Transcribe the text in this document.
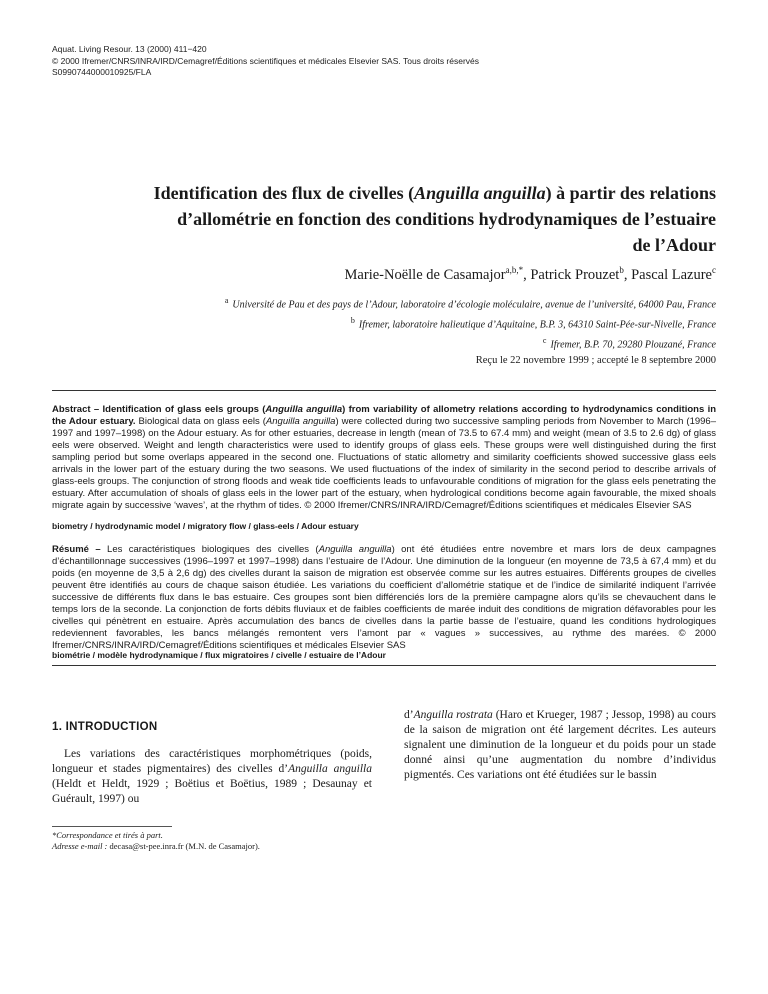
Aquat. Living Resour. 13 (2000) 411−420
© 2000 Ifremer/CNRS/INRA/IRD/Cemagref/Éditions scientifiques et médicales Elsevier SAS. Tous droits réservés
S0990744000010925/FLA
Identification des flux de civelles (Anguilla anguilla) à partir des relations
d’allométrie en fonction des conditions hydrodynamiques de l’estuaire
de l’Adour
Marie-Noëlle de Casamajor$^{a,b,*}$, Patrick Prouzet$^b$, Pascal Lazure$^c$
$^a$ Université de Pau et des pays de l’Adour, laboratoire d’écologie moléculaire, avenue de l’université, 64000 Pau, France
$^b$ Ifremer, laboratoire halieutique d’Aquitaine, B.P. 3, 64310 Saint-Pée-sur-Nivelle, France
$^c$ Ifremer, B.P. 70, 29280 Plouzané, France
Reçu le 22 novembre 1999 ; accepté le 8 septembre 2000
Abstract – Identification of glass eels groups (Anguilla anguilla) from variability of allometry relations according to hydrodynamics conditions in the Adour estuary. Biological data on glass eels (Anguilla anguilla) were collected during two successive sampling periods from November to March (1996–1997 and 1997–1998) on the Adour estuary. As for other estuaries, decrease in length (mean of 73.5 to 67.4 mm) and weight (mean of 3.5 to 2.6 dg) of glass eels were observed. Weight and length characteristics were used to identify groups of glass eels. These groups were well distinguished during the first sampling period but some overlaps appeared in the second one. Fluctuations of static allometry and similarity coefficients showed successive glass eels arrivals in the lower part of the estuary during the two seasons. We used fluctuations of the index of similarity in the second period to describe arrivals of glass-eels groups. The conjunction of strong floods and weak tide coefficients leads to unfavourable conditions of migration for the glass eels penetrating the estuary. After accumulation of shoals of glass eels in the lower part of the estuary, when hydrological conditions become again favourable, the mixed shoals migrate again by successive ‘waves’, at the rhythm of tides. © 2000 Ifremer/CNRS/INRA/IRD/Cemagref/Éditions scientifiques et médicales Elsevier SAS
biometry / hydrodynamic model / migratory flow / glass-eels / Adour estuary
Résumé – Les caractéristiques biologiques des civelles (Anguilla anguilla) ont été étudiées entre novembre et mars lors de deux campagnes d’échantillonnage successives (1996–1997 et 1997–1998) dans l’estuaire de l’Adour. Une diminution de la longueur (en moyenne de 73,5 à 67,4 mm) et du poids (en moyenne de 3,5 à 2,6 dg) des civelles durant la saison de migration est observée comme sur les autres estuaires. Différents groupes de civelles peuvent être identifiés au cours de chaque saison étudiée. Les variations du coefficient d’allométrie statique et de l’indice de similarité indiquent l’arrivée successive de différents flux dans le bas estuaire. Ces groupes sont bien différenciés lors de la première campagne alors qu’ils se chevauchent dans le temps lors de la seconde. La conjonction de forts débits fluviaux et de faibles coefficients de marée induit des conditions de migration défavorables pour les civelles qui pénètrent en estuaire. Après accumulation des bancs de civelles dans la partie basse de l’estuaire, quand les conditions hydrologiques redeviennent favorables, les bancs mélangés remontent vers l’amont par « vagues » successives, au rythme des marées. © 2000 Ifremer/CNRS/INRA/IRD/Cemagref/Éditions scientifiques et médicales Elsevier SAS
biométrie / modèle hydrodynamique / flux migratoires / civelle / estuaire de l’Adour
1. INTRODUCTION
Les variations des caractéristiques morphométriques (poids, longueur et stades pigmentaires) des civelles d’Anguilla anguilla (Heldt et Heldt, 1929 ; Boëtius et Boëtius, 1989 ; Desaunay et Guérault, 1997) ou
*Correspondance et tirés à part.
Adresse e-mail : decasa@st-pee.inra.fr (M.N. de Casamajor).
d’Anguilla rostrata (Haro et Krueger, 1987 ; Jessop, 1998) au cours de la saison de migration ont été largement décrites. Les auteurs signalent une diminution de la longueur et du poids pour un stade donné ainsi qu’une augmentation du nombre d’individus pigmentés. Ces variations ont été étudiées sur le bassin
